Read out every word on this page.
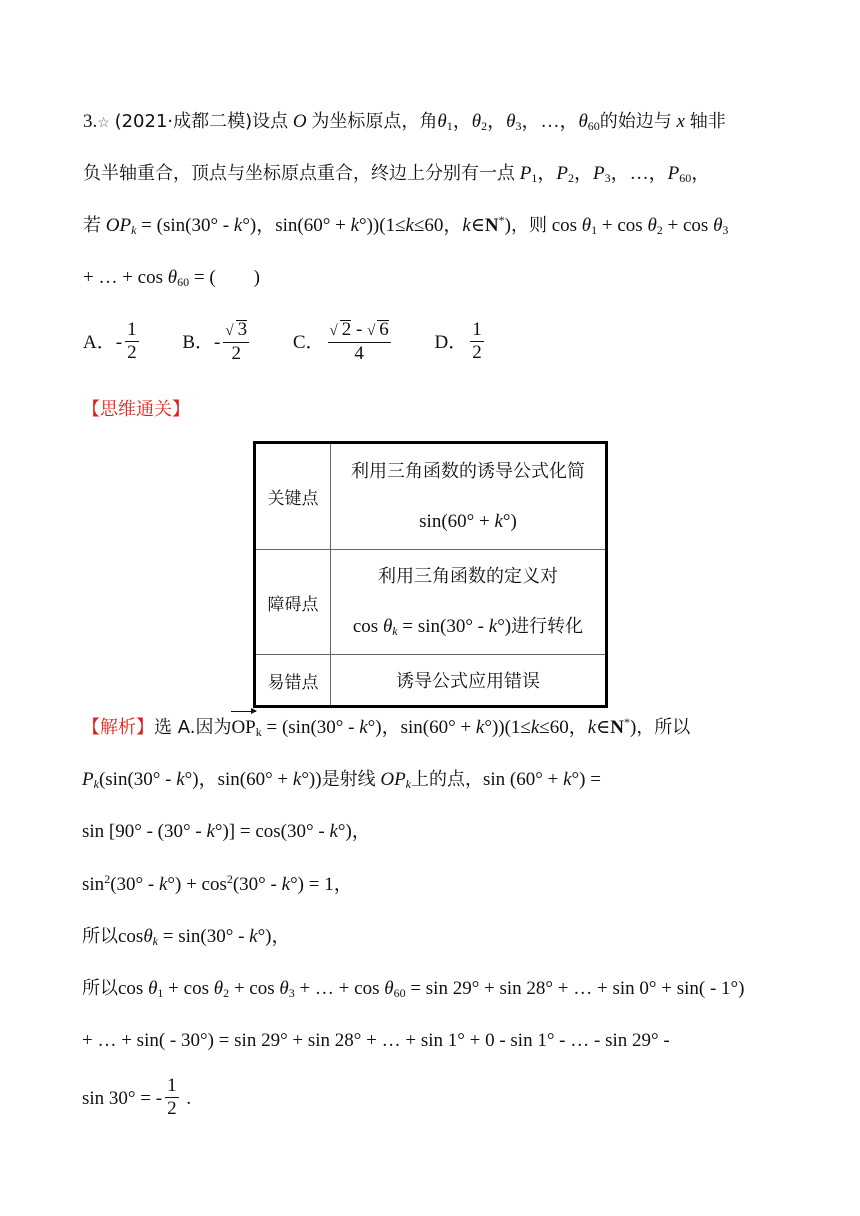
3.☆ (2021·成都二模)设点 O 为坐标原点，角$\theta_1$，$\theta_2$，$\theta_3$，…，$\theta_{60}$的始边与 x 轴非
负半轴重合，顶点与坐标原点重合，终边上分别有一点 $P_1$，$P_2$，$P_3$，…，$P_{60}$，
若 $OP_k = (\sin(30^\circ - k^\circ)$，sin(60° + k°))(1≤k≤60，k∈N*)，则 $\cos \theta_1 + \cos \theta_2 + \cos \theta_3$
+ … + $\cos \theta_{60}$ = (　　)
A．- $\frac{1}{2}$ B．- $\frac{√ 3}{2}$ C． $\frac{√ 2 - √ 6}{4}$ D． $\frac{1}{2}$
【思维通关】
关键点	利用三角函数的诱导公式化简
sin(60° + k°)

障碍点	利用三角函数的定义对
$\cos \theta_k = \sin(30^\circ - k^\circ)$进行转化

易错点	诱导公式应用错误
【解析】选 A.因为$OP_k = (\sin(30^\circ - k^\circ)$，sin(60° + k°))(1≤k≤60，k∈N*)，所以
$P_k(\sin(30^\circ - k^\circ)$，sin(60° + k°))是射线 $OP_k$上的点，sin (60° + k°) =
sin [90° - (30° - k°)] = cos(30° - k°)，
$\sin^2(30^\circ - k^\circ) + \cos^2(30^\circ - k^\circ) = 1$，
所以cosθ$_k$ = sin(30° - k°)，
所以$\cos \theta_1 + \cos \theta_2 + \cos \theta_3$ + … + $\cos \theta_{60} = \sin 29^\circ + \sin 28^\circ$ + … + sin 0° + sin( - 1°)
+ … + sin( - 30°) = sin 29° + sin 28° + … + sin 1° + 0 - sin 1° - … - sin 29° -
sin 30° = - $\frac{1}{2}$ .
